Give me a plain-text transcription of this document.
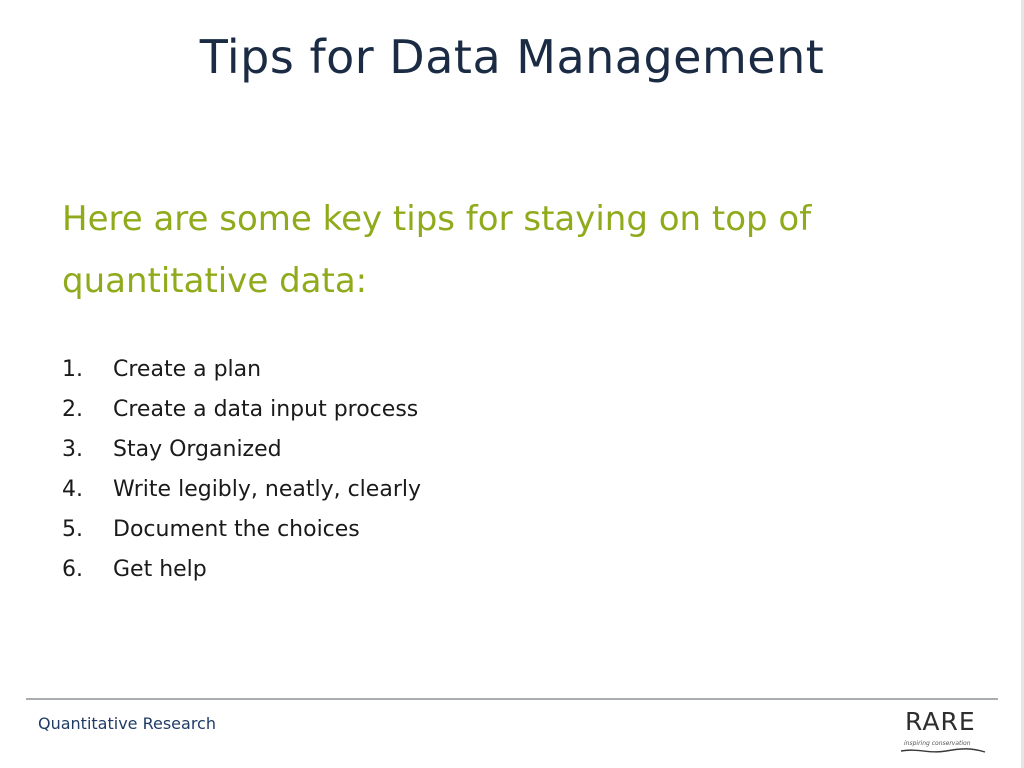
Tips for Data Management
Here are some key tips for staying on top of quantitative data:
1.	Create a plan
2.	Create a data input process
3.	Stay Organized
4.	Write legibly, neatly, clearly
5.	Document the choices
6.	Get help
Quantitative Research	RARE
inspiring conservation
